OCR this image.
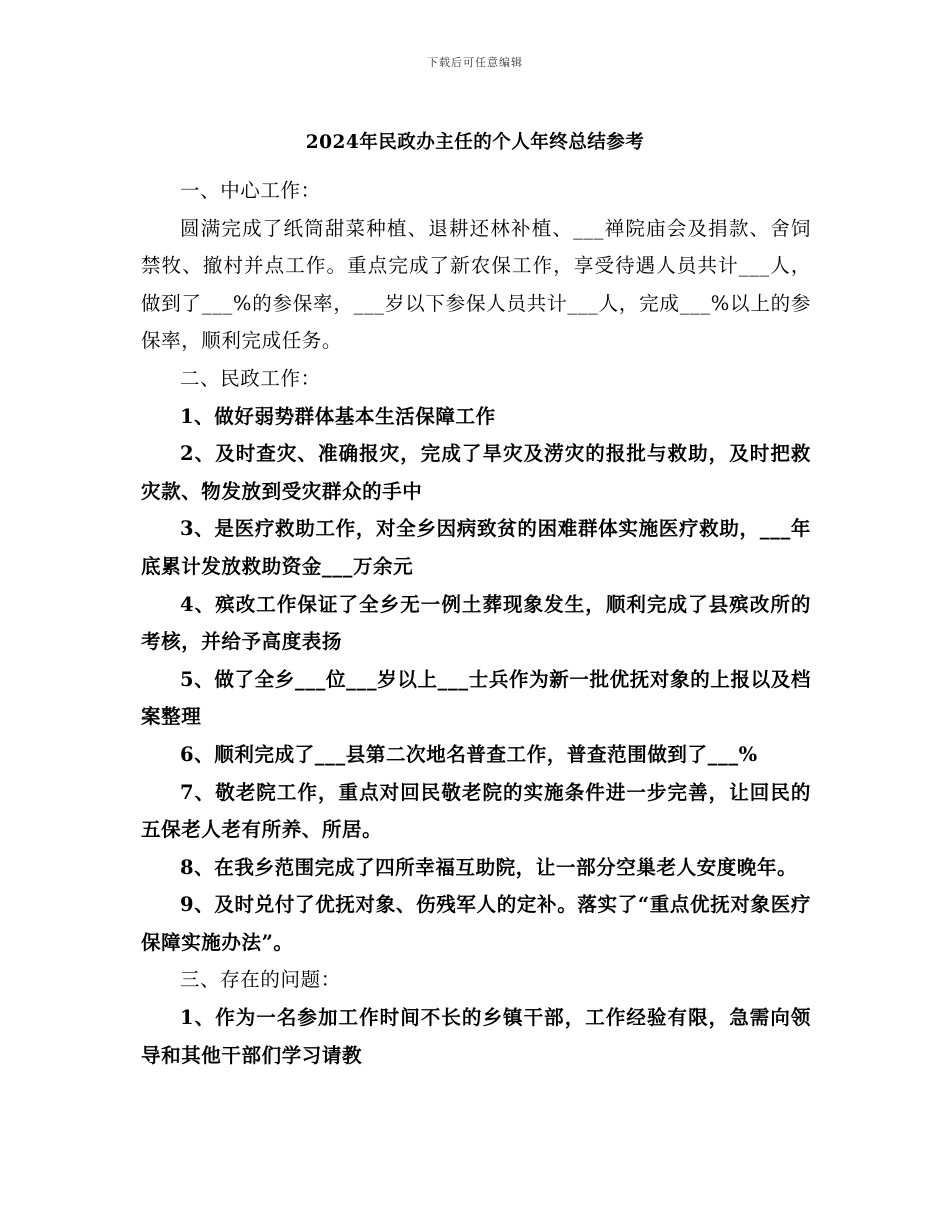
下载后可任意编辑
2024年民政办主任的个人年终总结参考

一、中心工作：

圆满完成了纸筒甜菜种植、退耕还林补植、___禅院庙会及捐款、舍饲禁牧、撤村并点工作。重点完成了新农保工作，享受待遇人员共计___人，做到了___%的参保率，___岁以下参保人员共计___人，完成___%以上的参保率，顺利完成任务。

二、民政工作：

1、做好弱势群体基本生活保障工作

2、及时查灾、准确报灾，完成了旱灾及涝灾的报批与救助，及时把救灾款、物发放到受灾群众的手中

3、是医疗救助工作，对全乡因病致贫的困难群体实施医疗救助，___年底累计发放救助资金___万余元

4、殡改工作保证了全乡无一例土葬现象发生，顺利完成了县殡改所的考核，并给予高度表扬

5、做了全乡___位___岁以上___士兵作为新一批优抚对象的上报以及档案整理

6、顺利完成了___县第二次地名普查工作，普查范围做到了___%

7、敬老院工作，重点对回民敬老院的实施条件进一步完善，让回民的五保老人老有所养、所居。

8、在我乡范围完成了四所幸福互助院，让一部分空巢老人安度晚年。

9、及时兑付了优抚对象、伤残军人的定补。落实了“重点优抚对象医疗保障实施办法”。

三、存在的问题：

1、作为一名参加工作时间不长的乡镇干部，工作经验有限，急需向领导和其他干部们学习请教
